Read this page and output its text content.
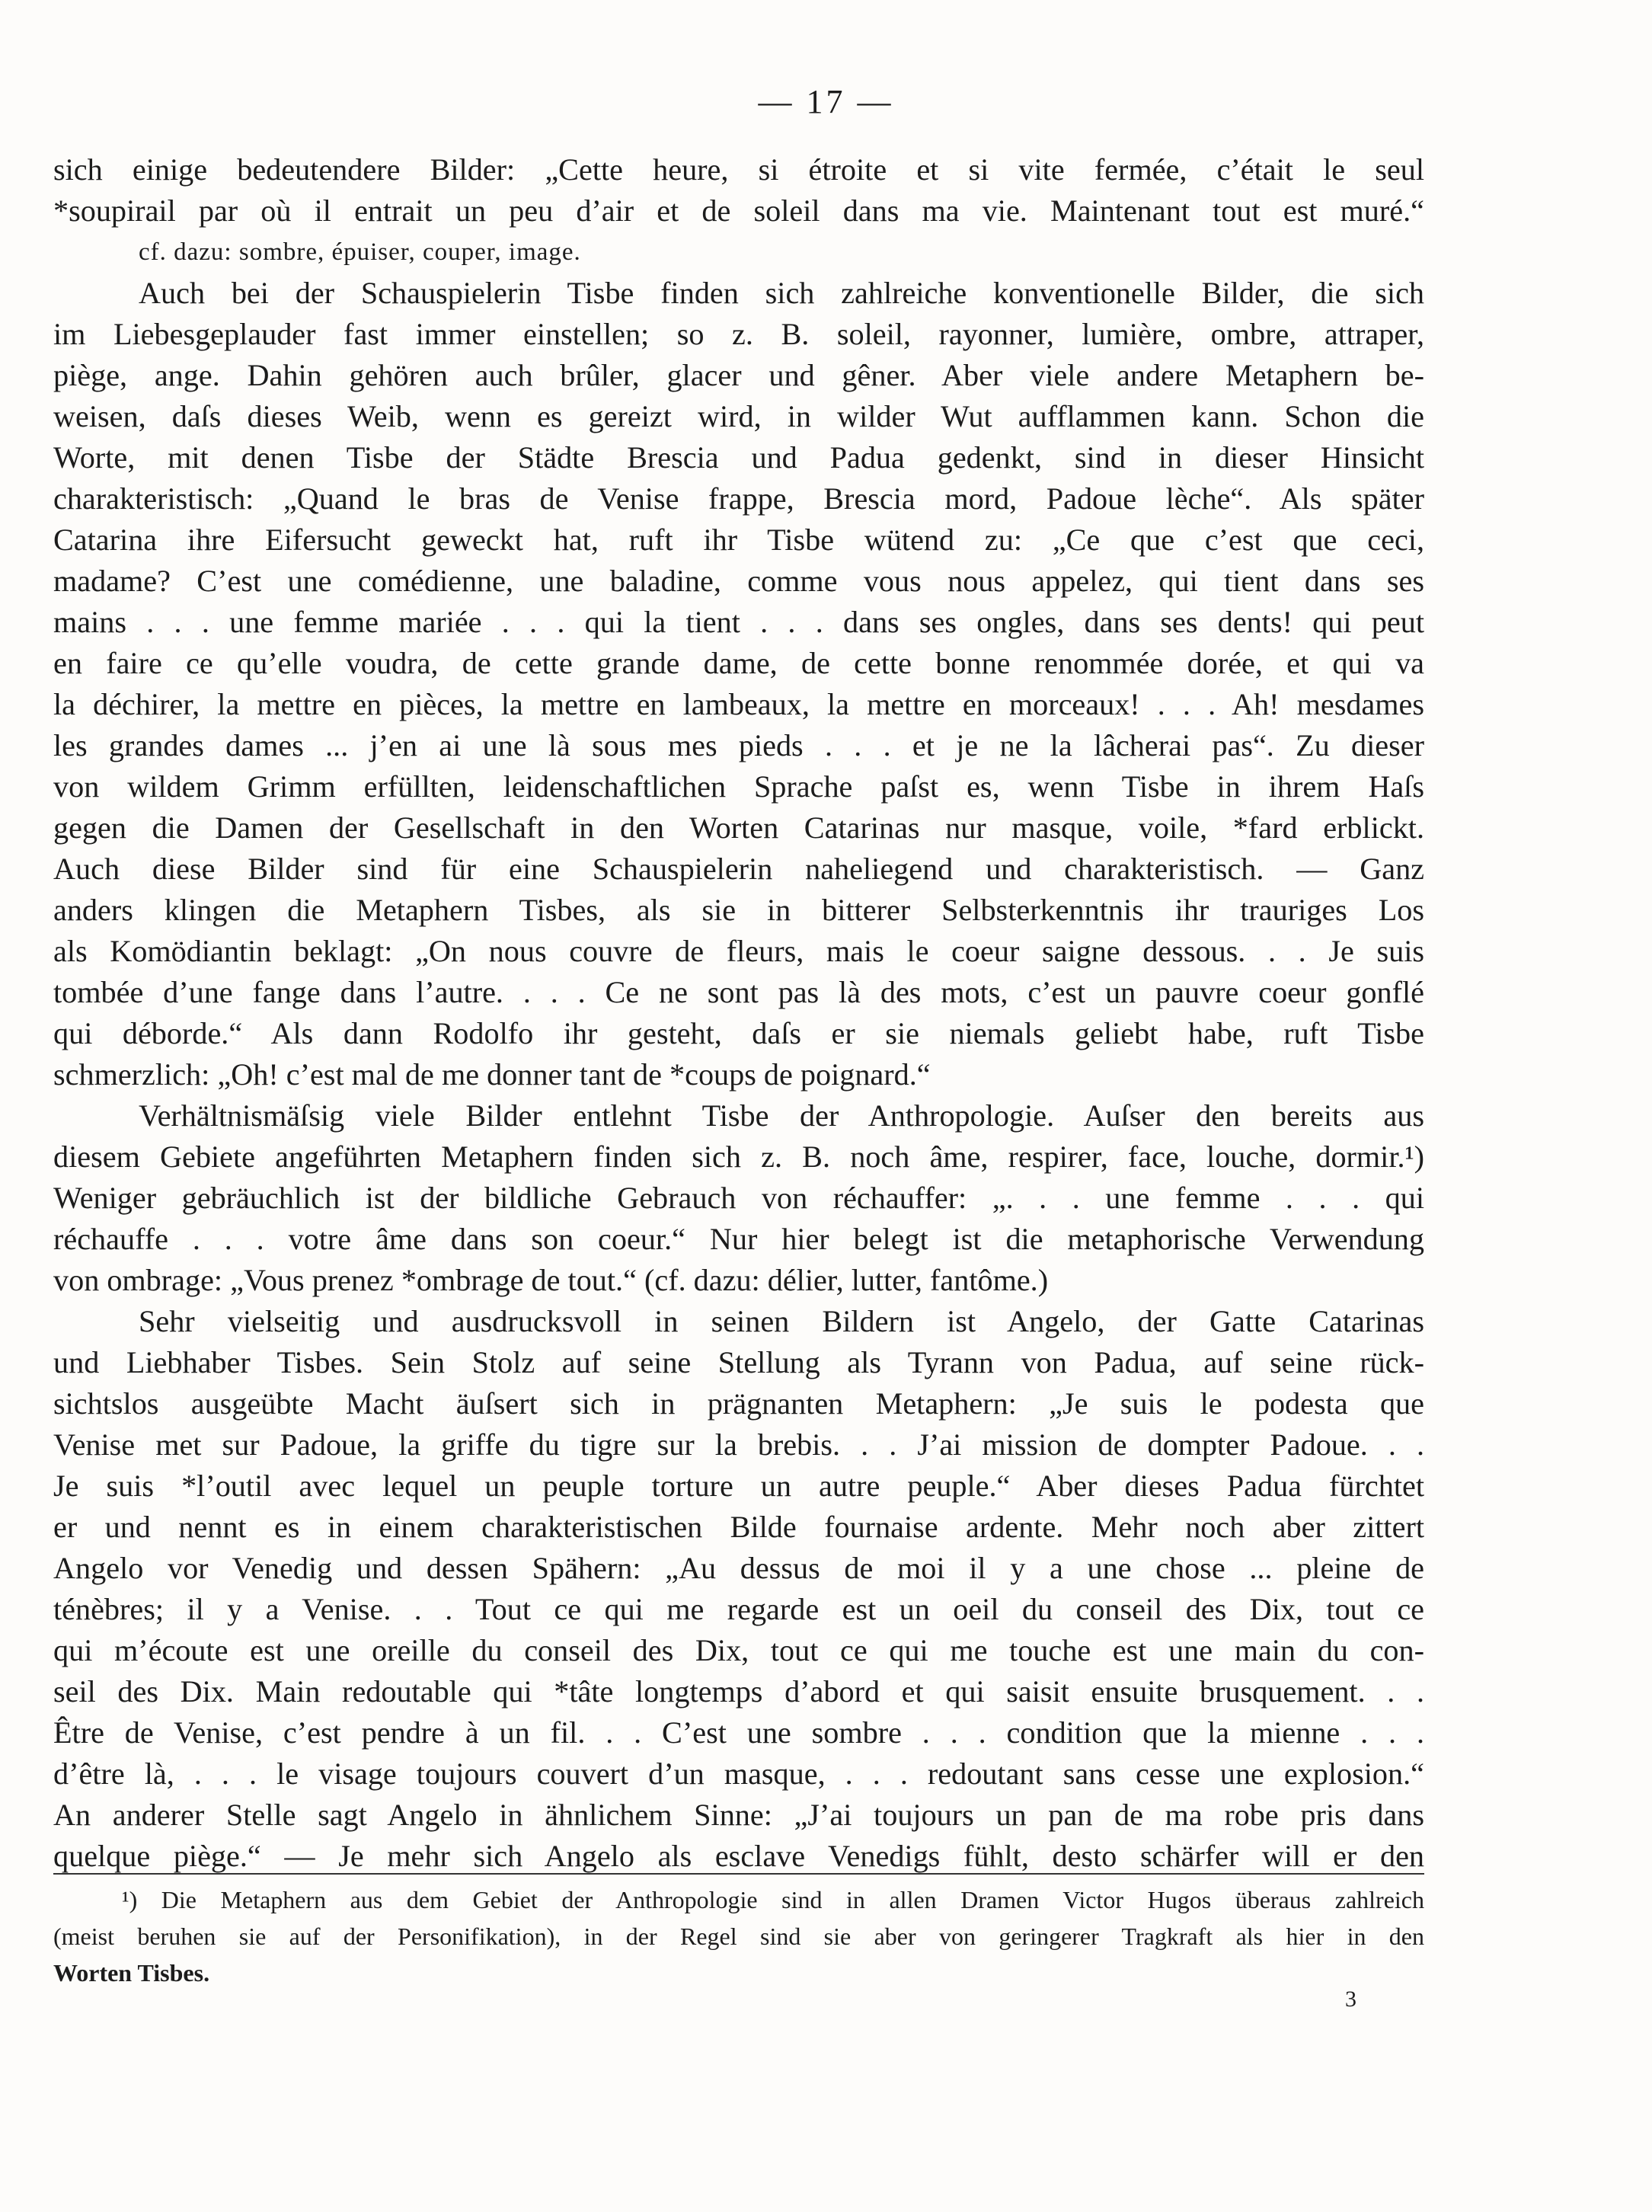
— 17 —
sich einige bedeutendere Bilder: „Cette heure, si étroite et si vite fermée, c’était le seul
*soupirail par où il entrait un peu d’air et de soleil dans ma vie. Maintenant tout est muré.“
cf. dazu: sombre, épuiser, couper, image.
Auch bei der Schauspielerin Tisbe finden sich zahlreiche konventionelle Bilder, die sich
im Liebesgeplauder fast immer einstellen; so z. B. soleil, rayonner, lumière, ombre, attraper,
piège, ange. Dahin gehören auch brûler, glacer und gêner. Aber viele andere Metaphern be-
weisen, daſs dieses Weib, wenn es gereizt wird, in wilder Wut aufflammen kann. Schon die
Worte, mit denen Tisbe der Städte Brescia und Padua gedenkt, sind in dieser Hinsicht
charakteristisch: „Quand le bras de Venise frappe, Brescia mord, Padoue lèche“. Als später
Catarina ihre Eifersucht geweckt hat, ruft ihr Tisbe wütend zu: „Ce que c’est que ceci,
madame? C’est une comédienne, une baladine, comme vous nous appelez, qui tient dans ses
mains . . . une femme mariée . . . qui la tient . . . dans ses ongles, dans ses dents! qui peut
en faire ce qu’elle voudra, de cette grande dame, de cette bonne renommée dorée, et qui va
la déchirer, la mettre en pièces, la mettre en lambeaux, la mettre en morceaux! . . . Ah! mesdames
les grandes dames ... j’en ai une là sous mes pieds . . . et je ne la lâcherai pas“. Zu dieser
von wildem Grimm erfüllten, leidenschaftlichen Sprache paſst es, wenn Tisbe in ihrem Haſs
gegen die Damen der Gesellschaft in den Worten Catarinas nur masque, voile, *fard erblickt.
Auch diese Bilder sind für eine Schauspielerin naheliegend und charakteristisch. — Ganz
anders klingen die Metaphern Tisbes, als sie in bitterer Selbsterkenntnis ihr trauriges Los
als Komödiantin beklagt: „On nous couvre de fleurs, mais le coeur saigne dessous. . . Je suis
tombée d’une fange dans l’autre. . . . Ce ne sont pas là des mots, c’est un pauvre coeur gonflé
qui déborde.“ Als dann Rodolfo ihr gesteht, daſs er sie niemals geliebt habe, ruft Tisbe
schmerzlich: „Oh! c’est mal de me donner tant de *coups de poignard.“
Verhältnismäſsig viele Bilder entlehnt Tisbe der Anthropologie. Auſser den bereits aus
diesem Gebiete angeführten Metaphern finden sich z. B. noch âme, respirer, face, louche, dormir.¹)
Weniger gebräuchlich ist der bildliche Gebrauch von réchauffer: „. . . une femme . . . qui
réchauffe . . . votre âme dans son coeur.“ Nur hier belegt ist die metaphorische Verwendung
von ombrage: „Vous prenez *ombrage de tout.“ (cf. dazu: délier, lutter, fantôme.)
Sehr vielseitig und ausdrucksvoll in seinen Bildern ist Angelo, der Gatte Catarinas
und Liebhaber Tisbes. Sein Stolz auf seine Stellung als Tyrann von Padua, auf seine rück-
sichtslos ausgeübte Macht äuſsert sich in prägnanten Metaphern: „Je suis le podesta que
Venise met sur Padoue, la griffe du tigre sur la brebis. . . J’ai mission de dompter Padoue. . .
Je suis *l’outil avec lequel un peuple torture un autre peuple.“ Aber dieses Padua fürchtet
er und nennt es in einem charakteristischen Bilde fournaise ardente. Mehr noch aber zittert
Angelo vor Venedig und dessen Spähern: „Au dessus de moi il y a une chose ... pleine de
ténèbres; il y a Venise. . . Tout ce qui me regarde est un oeil du conseil des Dix, tout ce
qui m’écoute est une oreille du conseil des Dix, tout ce qui me touche est une main du con-
seil des Dix. Main redoutable qui *tâte longtemps d’abord et qui saisit ensuite brusquement. . .
Être de Venise, c’est pendre à un fil. . . C’est une sombre . . . condition que la mienne . . .
d’être là, . . . le visage toujours couvert d’un masque, . . . redoutant sans cesse une explosion.“
An anderer Stelle sagt Angelo in ähnlichem Sinne: „J’ai toujours un pan de ma robe pris dans
quelque piège.“ — Je mehr sich Angelo als esclave Venedigs fühlt, desto schärfer will er den
¹) Die Metaphern aus dem Gebiet der Anthropologie sind in allen Dramen Victor Hugos überaus zahlreich
(meist beruhen sie auf der Personifikation), in der Regel sind sie aber von geringerer Tragkraft als hier in den
Worten Tisbes.
3
